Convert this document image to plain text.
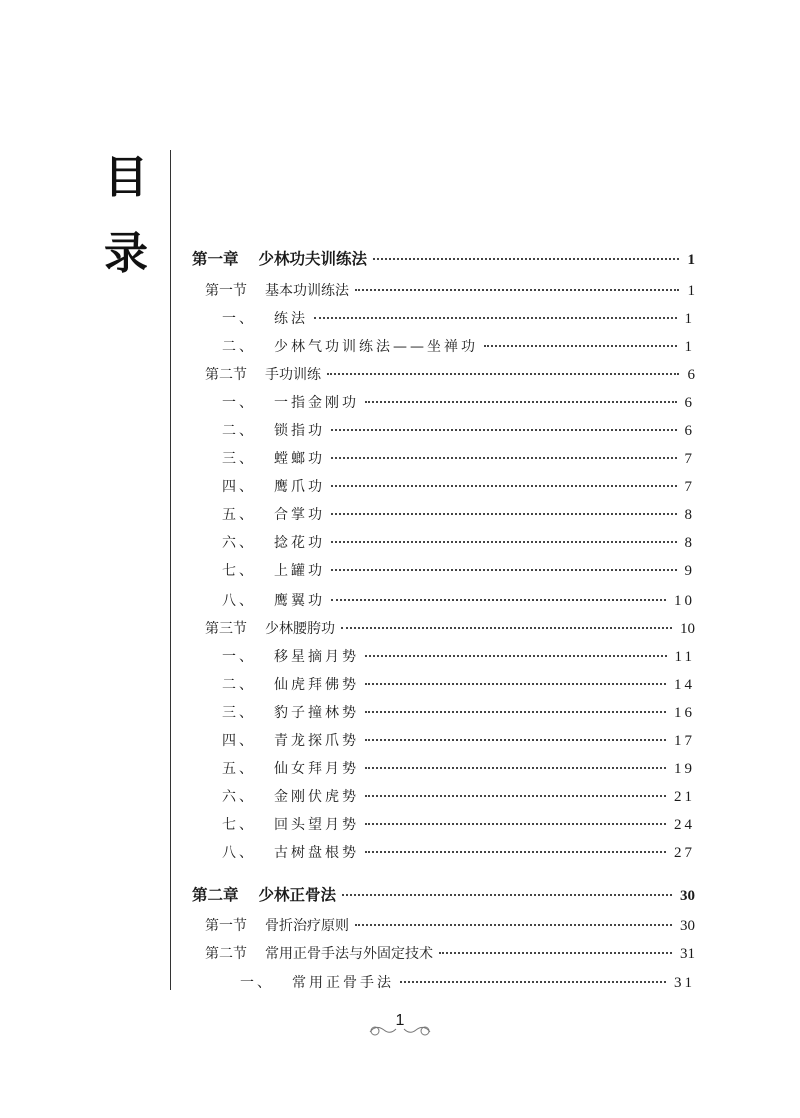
目
录	第一章 少林功夫训练法	1
第一节 基本功训练法	1
一、 练法	1
二、 少林气功训练法——坐禅功	1
第二节 手功训练	6
一、 一指金刚功	6
二、 锁指功	6
三、 螳螂功	7
四、 鹰爪功	7
五、 合掌功	8
六、 捻花功	8
七、 上罐功	9
八、 鹰翼功	10
第三节 少林腰胯功	10
一、 移星摘月势	11
二、 仙虎拜佛势	14
三、 豹子撞林势	16
四、 青龙探爪势	17
五、 仙女拜月势	19
六、 金刚伏虎势	21
七、 回头望月势	24
八、 古树盘根势	27
第二章 少林正骨法	30
第一节 骨折治疗原则	30
第二节 常用正骨手法与外固定技术	31
一、 常用正骨手法	31
1
